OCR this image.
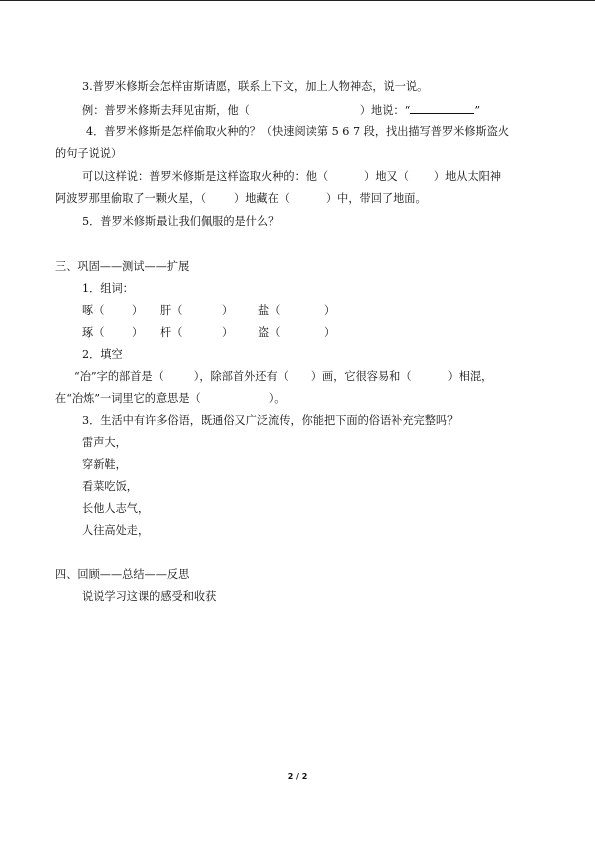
3.普罗米修斯会怎样宙斯请愿，联系上下文，加上人物神态，说一说。
例：普罗米修斯去拜见宙斯，他（	）地说：“	”
4．普罗米修斯是怎样偷取火种的？（快速阅读第 5 6 7 段，找出描写普罗米修斯盗火
的句子说说）
可以这样说：普罗米修斯是这样盗取火种的：他（	）地又（ ）地从太阳神
阿波罗那里偷取了一颗火星，（	）地藏在（	）中，带回了地面。
5．普罗米修斯最让我们佩服的是什么？
三、巩固——测试——扩展
1．组词：
啄（ ） 肝（	） 盐（	）
琢（ ） 杆（	） 盗（	）
2．填空
“冶”字的部首是（	），除部首外还有（ ）画，它很容易和（	）相混，
在“冶炼”一词里它的意思是（	）。
3．生活中有许多俗语，既通俗又广泛流传，你能把下面的俗语补充完整吗？
雷声大，
穿新鞋，
看菜吃饭，
长他人志气，
人往高处走，
四、回顾——总结——反思
说说学习这课的感受和收获
2 / 2
